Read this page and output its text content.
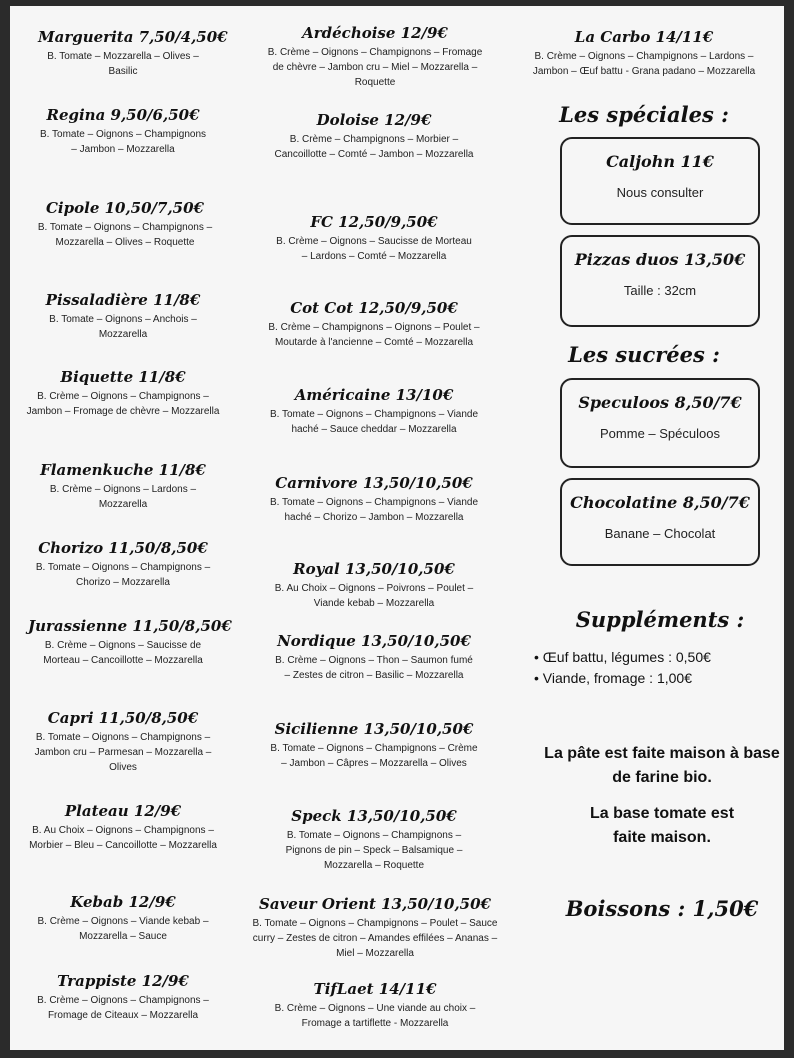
Marguerita 7,50/4,50€
B. Tomate – Mozzarella – Olives – Basilic
Regina 9,50/6,50€
B. Tomate – Oignons – Champignons – Jambon – Mozzarella
Cipole 10,50/7,50€
B. Tomate – Oignons – Champignons – Mozzarella – Olives – Roquette
Pissaladière 11/8€
B. Tomate – Oignons – Anchois – Mozzarella
Biquette 11/8€
B. Crème – Oignons – Champignons – Jambon – Fromage de chèvre – Mozzarella
Flamenkuche 11/8€
B. Crème – Oignons – Lardons – Mozzarella
Chorizo 11,50/8,50€
B. Tomate – Oignons – Champignons – Chorizo – Mozzarella
Jurassienne 11,50/8,50€
B. Crème – Oignons – Saucisse de Morteau – Cancoillotte – Mozzarella
Capri 11,50/8,50€
B. Tomate – Oignons – Champignons – Jambon cru – Parmesan – Mozzarella – Olives
Plateau 12/9€
B. Au Choix – Oignons – Champignons – Morbier – Bleu – Cancoillotte – Mozzarella
Kebab 12/9€
B. Crème – Oignons – Viande kebab – Mozzarella – Sauce
Trappiste 12/9€
B. Crème – Oignons – Champignons – Fromage de Citeaux – Mozzarella
Ardéchoise 12/9€
B. Crème – Oignons – Champignons – Fromage de chèvre – Jambon cru – Miel – Mozzarella – Roquette
Doloise 12/9€
B. Crème – Champignons – Morbier – Cancoillotte – Comté – Jambon – Mozzarella
FC 12,50/9,50€
B. Crème – Oignons – Saucisse de Morteau – Lardons – Comté – Mozzarella
Cot Cot 12,50/9,50€
B. Crème – Champignons – Oignons – Poulet – Moutarde à l'ancienne – Comté – Mozzarella
Américaine 13/10€
B. Tomate – Oignons – Champignons – Viande haché – Sauce cheddar – Mozzarella
Carnivore 13,50/10,50€
B. Tomate – Oignons – Champignons – Viande haché – Chorizo – Jambon – Mozzarella
Royal 13,50/10,50€
B. Au Choix – Oignons – Poivrons – Poulet – Viande kebab – Mozzarella
Nordique 13,50/10,50€
B. Crème – Oignons – Thon – Saumon fumé – Zestes de citron – Basilic – Mozzarella
Sicilienne 13,50/10,50€
B. Tomate – Oignons – Champignons – Crème – Jambon – Câpres – Mozzarella – Olives
Speck 13,50/10,50€
B. Tomate – Oignons – Champignons – Pignons de pin – Speck – Balsamique – Mozzarella – Roquette
Saveur Orient 13,50/10,50€
B. Tomate – Oignons – Champignons – Poulet – Sauce curry – Zestes de citron – Amandes effilées – Ananas – Miel – Mozzarella
TifLaet 14/11€
B. Crème – Oignons – Une viande au choix – Fromage a tartiflette - Mozzarella
La Carbo 14/11€
B. Crème – Oignons – Champignons – Lardons – Jambon – Œuf battu - Grana padano – Mozzarella
Les spéciales :
Caljohn 11€
Nous consulter
Pizzas duos 13,50€
Taille : 32cm
Les sucrées :
Speculoos 8,50/7€
Pomme – Spéculoos
Chocolatine 8,50/7€
Banane – Chocolat
Suppléments :
• Œuf battu, légumes : 0,50€
• Viande, fromage : 1,00€
La pâte est faite maison à base de farine bio.
La base tomate est faite maison.
Boissons : 1,50€
